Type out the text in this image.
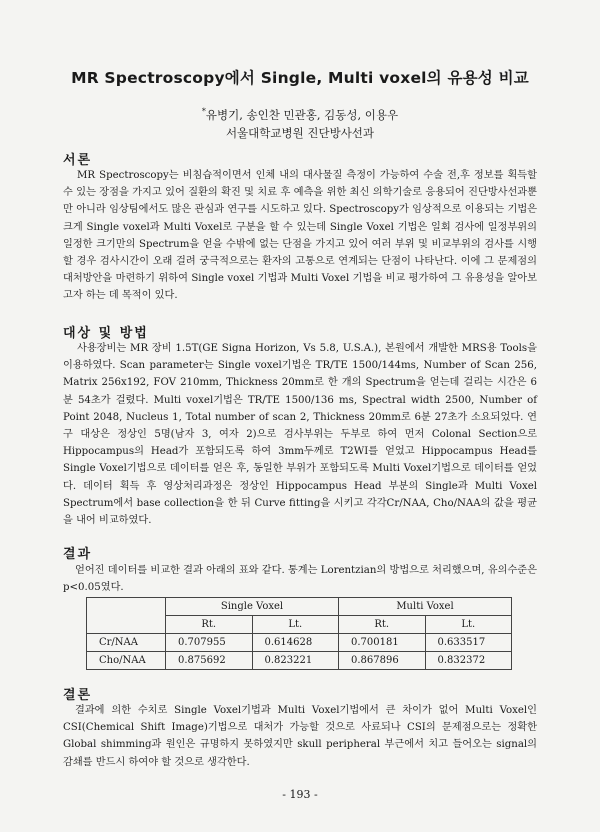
MR Spectroscopy에서 Single, Multi voxel의 유용성 비교
*유병기, 송인찬 민관홍, 김동성, 이용우
서울대학교병원 진단방사선과
서론
MR Spectroscopy는 비침습적이면서 인체 내의 대사물질 측정이 가능하여 수술 전,후 정보를 획득할 수 있는 장점을 가지고 있어 질환의 확진 및 치료 후 예측을 위한 최신 의학기술로 응용되어 진단방사선과뿐만 아니라 임상팀에서도 많은 관심과 연구를 시도하고 있다. Spectroscopy가 임상적으로 이용되는 기법은 크게 Single voxel과 Multi Voxel로 구분을 할 수 있는데 Single Voxel 기법은 일회 검사에 일정부위의 일정한 크기만의 Spectrum을 얻을 수밖에 없는 단점을 가지고 있어 여러 부위 및 비교부위의 검사를 시행할 경우 검사시간이 오래 걸려 궁극적으로는 환자의 고통으로 연계되는 단점이 나타난다. 이에 그 문제점의 대처방안을 마련하기 위하여 Single voxel 기법과 Multi Voxel 기법을 비교 평가하여 그 유용성을 알아보고자 하는 데 목적이 있다.
대상 및 방법
사용장비는 MR 장비 1.5T(GE Signa Horizon, Vs 5.8, U.S.A.), 본원에서 개발한 MRS용 Tools을 이용하였다. Scan parameter는 Single voxel기법은 TR/TE 1500/144ms, Number of Scan 256, Matrix 256x192, FOV 210mm, Thickness 20mm로 한 개의 Spectrum을 얻는데 걸리는 시간은 6분 54초가 걸렸다. Multi voxel기법은 TR/TE 1500/136 ms, Spectral width 2500, Number of Point 2048, Nucleus 1, Total number of scan 2, Thickness 20mm로 6분 27초가 소요되었다. 연구 대상은 정상인 5명(남자 3, 여자 2)으로 검사부위는 두부로 하여 먼저 Colonal Section으로 Hippocampus의 Head가 포함되도록 하여 3mm두께로 T2WI를 얻었고 Hippocampus Head를 Single Voxel기법으로 데이터를 얻은 후, 동일한 부위가 포함되도록 Multi Voxel기법으로 데이터를 얻었다. 데이터 획득 후 영상처리과정은 정상인 Hippocampus Head 부분의 Single과 Multi Voxel Spectrum에서 base collection을 한 뒤 Curve fitting을 시키고 각각Cr/NAA, Cho/NAA의 값을 평균을 내어 비교하였다.
결과
얻어진 데이터를 비교한 결과 아래의 표와 같다. 통계는 Lorentzian의 방법으로 처리했으며, 유의수준은 p<0.05였다.
	Single Voxel		Multi Voxel	
	Rt.	Lt.	Rt.	Lt.
Cr/NAA	0.707955	0.614628	0.700181	0.633517
Cho/NAA	0.875692	0.823221	0.867896	0.832372
결론
결과에 의한 수치로 Single Voxel기법과 Multi Voxel기법에서 큰 차이가 없어 Multi Voxel인 CSI(Chemical Shift Image)기법으로 대처가 가능할 것으로 사료되나 CSI의 문제점으로는 정확한Global shimming과 원인은 규명하지 못하였지만 skull peripheral 부근에서 치고 들어오는 signal의 감쇄를 반드시 하여야 할 것으로 생각한다.
- 193 -
